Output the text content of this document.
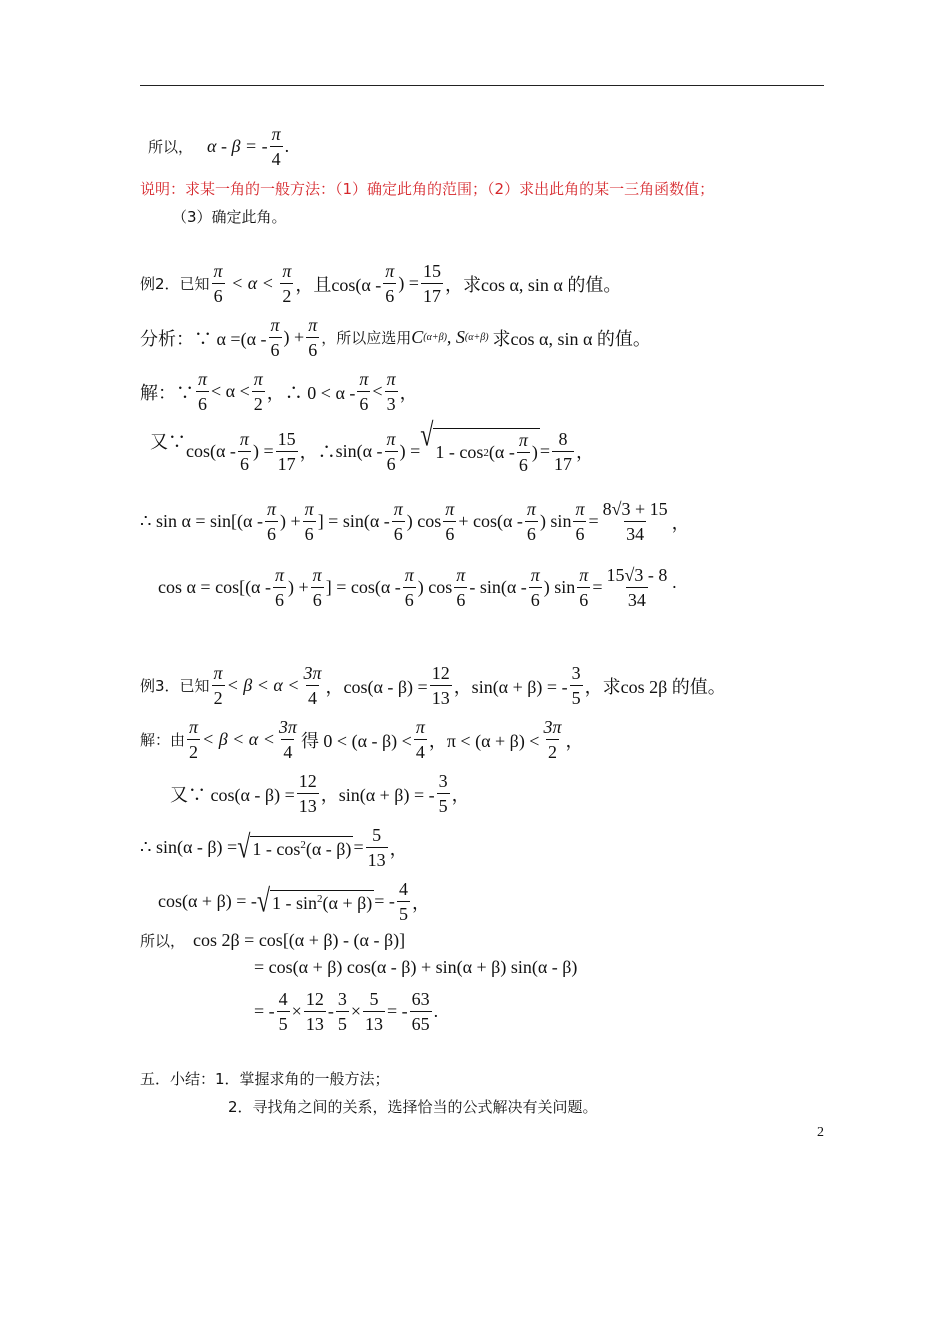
所以， α - β = - $\frac{\pi}{4}$ .
说明： 求某一角的一般方法：（1）确定此角的范围；（2）求出此角的某一三角函数值；
（3）确定此角。
例2．已知 $\frac{\pi}{6} < \alpha < \frac{\pi}{2}$ ，且$\cos(\alpha - \frac{\pi}{6}$ ) = $\frac{15}{17}$ ，求cos α, sin α 的值。
分析：∵ $\alpha =(\alpha - \frac{\pi}{6}$ ) + $\frac{\pi}{6}$ ，所以应选用 C (α+β) , S (α+β) 求cos α, sin α 的值。
解：∵ $\frac{\pi}{6} < \alpha < \frac{\pi}{2}$ ，∴ $0 < \alpha - \frac{\pi}{6} < \frac{\pi}{3}$ ，
又∵ $\cos(\alpha - \frac{\pi}{6}$ ) = $\frac{15}{17}$ ，∴ $\sin(\alpha - \frac{\pi}{6}$ ) = √ 1 - cos 2 ($\alpha - \frac{\pi}{6}$ ) = $\frac{8}{17}$ ，
∴ $\sin \alpha = \sin[(\alpha - \frac{\pi}{6}$ ) + $\frac{\pi}{6}$ ] = $\sin(\alpha - \frac{\pi}{6}$ ) $\cos \frac{\pi}{6} + \cos(\alpha - \frac{\pi}{6}$ ) $\sin \frac{\pi}{6} = \frac{8√3 + 15}{34}$ ，
$\cos \alpha = \cos[(\alpha - \frac{\pi}{6}$ ) + $\frac{\pi}{6}$ ] = $\cos(\alpha - \frac{\pi}{6}$ ) $\cos \frac{\pi}{6} - \sin(\alpha - \frac{\pi}{6}$ ) $\sin \frac{\pi}{6} = \frac{15√3 - 8}{34}$ ·
例3．已知 $\frac{\pi}{2} < \beta < \alpha < \frac{3\pi}{4}$ ，$\cos(\alpha - \beta) = \frac{12}{13}$ ，sin(α + β) = - $\frac{3}{5}$ ，求cos 2β 的值。
解：由 $\frac{\pi}{2} < \beta < \alpha < \frac{3\pi}{4}$ 得 $0 < (\alpha - \beta) < \frac{\pi}{4}$ ，$\pi < (\alpha + \beta) < \frac{3\pi}{2}$ ，
又∵ $\cos(\alpha - \beta) = \frac{12}{13}$ ，sin(α + β) = - $\frac{3}{5}$ ，
∴ sin(α - β) = √ $1 - \cos^2(\alpha - \beta) = \frac{5}{13}$ ，
cos(α + β) = - √ $1 - \sin^2(\alpha + \beta)$ = - $\frac{4}{5}$ ，
所以， cos 2β = cos[(α + β) - (α - β)]
= cos(α + β) cos(α - β) + sin(α + β) sin(α - β)
= - $\frac{4}{5} \times \frac{12}{13} - \frac{3}{5} \times \frac{5}{13}$ = - $\frac{63}{65}$ .
五．小结：1．掌握求角的一般方法；
2．寻找角之间的关系，选择恰当的公式解决有关问题。
2
